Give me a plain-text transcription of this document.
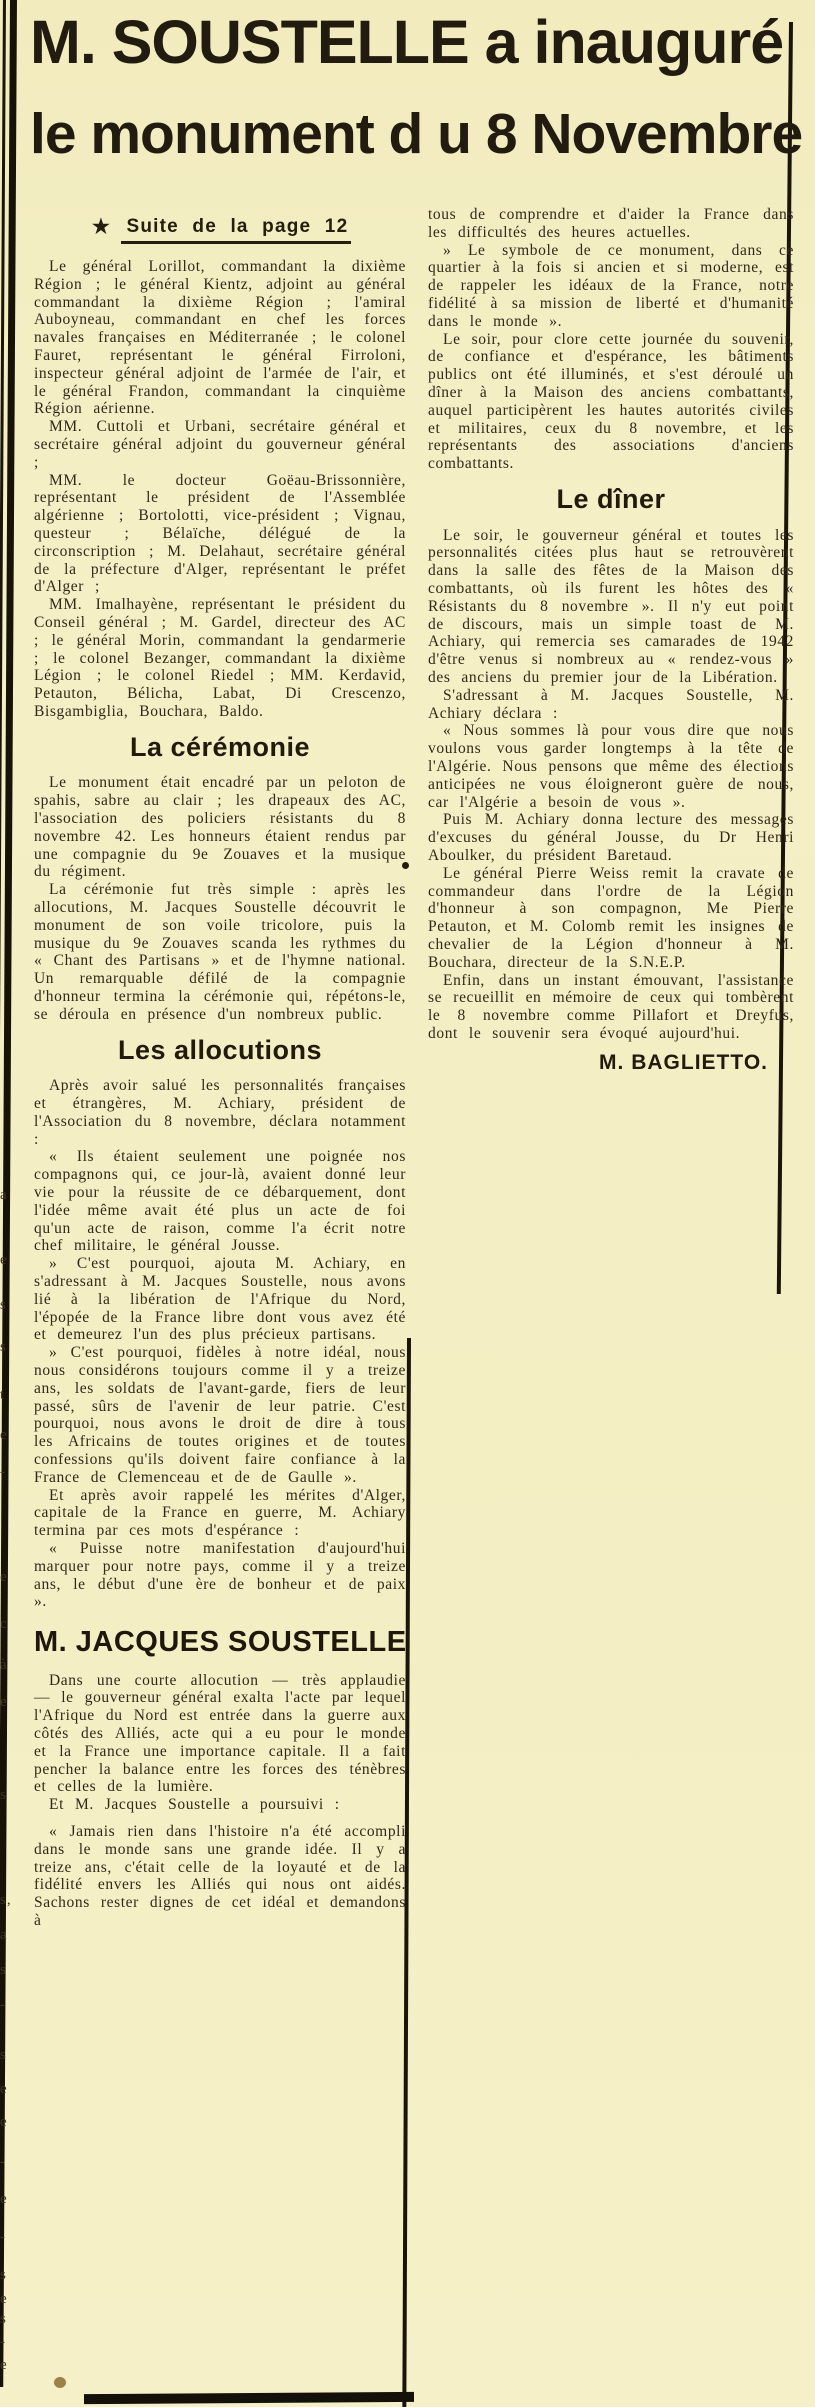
a
e
s
s
t
e
-
e
c
à
e
s
s,
a
s
-
s
e
e
-
e
-
s
e
s
-
e
M. SOUSTELLE a inauguré
le monument d u 8 Novembre
★ Suite de la page 12

Le général Lorillot, commandant la dixième Région ; le général Kientz, adjoint au général commandant la dixième Région ; l'amiral Auboyneau, commandant en chef les forces navales françaises en Méditerranée ; le colonel Fauret, représentant le général Firroloni, inspecteur général adjoint de l'armée de l'air, et le général Frandon, commandant la cinquième Région aérienne.

MM. Cuttoli et Urbani, secrétaire général et secrétaire général adjoint du gouverneur général ;

MM. le docteur Goëau-Brissonnière, représentant le président de l'Assemblée algérienne ; Bortolotti, vice-président ; Vignau, questeur ; Bélaïche, délégué de la circonscription ; M. Delahaut, secrétaire général de la préfecture d'Alger, représentant le préfet d'Alger ;

MM. Imalhayène, représentant le président du Conseil général ; M. Gardel, directeur des AC ; le général Morin, commandant la gendarmerie ; le colonel Bezanger, commandant la dixième Légion ; le colonel Riedel ; MM. Kerdavid, Petauton, Bélicha, Labat, Di Crescenzo, Bisgambiglia, Bouchara, Baldo.

La cérémonie

Le monument était encadré par un peloton de spahis, sabre au clair ; les drapeaux des AC, l'association des policiers résistants du 8 novembre 42. Les honneurs étaient rendus par une compagnie du 9e Zouaves et la musique du régiment.

La cérémonie fut très simple : après les allocutions, M. Jacques Soustelle découvrit le monument de son voile tricolore, puis la musique du 9e Zouaves scanda les rythmes du « Chant des Partisans » et de l'hymne national. Un remarquable défilé de la compagnie d'honneur termina la cérémonie qui, répétons-le, se déroula en présence d'un nombreux public.

Les allocutions

Après avoir salué les personnalités françaises et étrangères, M. Achiary, président de l'Association du 8 novembre, déclara notamment :

« Ils étaient seulement une poignée nos compagnons qui, ce jour-là, avaient donné leur vie pour la réussite de ce débarquement, dont l'idée même avait été plus un acte de foi qu'un acte de raison, comme l'a écrit notre chef militaire, le général Jousse.

» C'est pourquoi, ajouta M. Achiary, en s'adressant à M. Jacques Soustelle, nous avons lié à la libération de l'Afrique du Nord, l'épopée de la France libre dont vous avez été et demeurez l'un des plus précieux partisans.

» C'est pourquoi, fidèles à notre idéal, nous nous considérons toujours comme il y a treize ans, les soldats de l'avant-garde, fiers de leur passé, sûrs de l'avenir de leur patrie. C'est pourquoi, nous avons le droit de dire à tous les Africains de toutes origines et de toutes confessions qu'ils doivent faire confiance à la France de Clemenceau et de de Gaulle ».

Et après avoir rappelé les mérites d'Alger, capitale de la France en guerre, M. Achiary termina par ces mots d'espérance :

« Puisse notre manifestation d'aujourd'hui marquer pour notre pays, comme il y a treize ans, le début d'une ère de bonheur et de paix ».

M. JACQUES SOUSTELLE

Dans une courte allocution — très applaudie — le gouverneur général exalta l'acte par lequel l'Afrique du Nord est entrée dans la guerre aux côtés des Alliés, acte qui a eu pour le monde et la France une importance capitale. Il a fait pencher la balance entre les forces des ténèbres et celles de la lumière.

Et M. Jacques Soustelle a poursuivi :

« Jamais rien dans l'histoire n'a été accompli dans le monde sans une grande idée. Il y a treize ans, c'était celle de la loyauté et de la fidélité envers les Alliés qui nous ont aidés. Sachons rester dignes de cet idéal et demandons à

tous de comprendre et d'aider la France dans les difficultés des heures actuelles.

» Le symbole de ce monument, dans ce quartier à la fois si ancien et si moderne, est de rappeler les idéaux de la France, notre fidélité à sa mission de liberté et d'humanité dans le monde ».

Le soir, pour clore cette journée du souvenir, de confiance et d'espérance, les bâtiments publics ont été illuminés, et s'est déroulé un dîner à la Maison des anciens combattants, auquel participèrent les hautes autorités civiles et militaires, ceux du 8 novembre, et les représentants des associations d'anciens combattants.

Le dîner

Le soir, le gouverneur général et toutes les personnalités citées plus haut se retrouvèrent dans la salle des fêtes de la Maison des combattants, où ils furent les hôtes des « Résistants du 8 novembre ». Il n'y eut point de discours, mais un simple toast de M. Achiary, qui remercia ses camarades de 1942 d'être venus si nombreux au « rendez-vous » des anciens du premier jour de la Libération.

S'adressant à M. Jacques Soustelle, M. Achiary déclara :

« Nous sommes là pour vous dire que nous voulons vous garder longtemps à la tête de l'Algérie. Nous pensons que même des élections anticipées ne vous éloigneront guère de nous, car l'Algérie a besoin de vous ».

Puis M. Achiary donna lecture des messages d'excuses du général Jousse, du Dr Henri Aboulker, du président Baretaud.

Le général Pierre Weiss remit la cravate de commandeur dans l'ordre de la Légion d'honneur à son compagnon, Me Pierre Petauton, et M. Colomb remit les insignes de chevalier de la Légion d'honneur à M. Bouchara, directeur de la S.N.E.P.

Enfin, dans un instant émouvant, l'assistance se recueillit en mémoire de ceux qui tombèrent le 8 novembre comme Pillafort et Dreyfus, dont le souvenir sera évoqué aujourd'hui.

M. BAGLIETTO.
